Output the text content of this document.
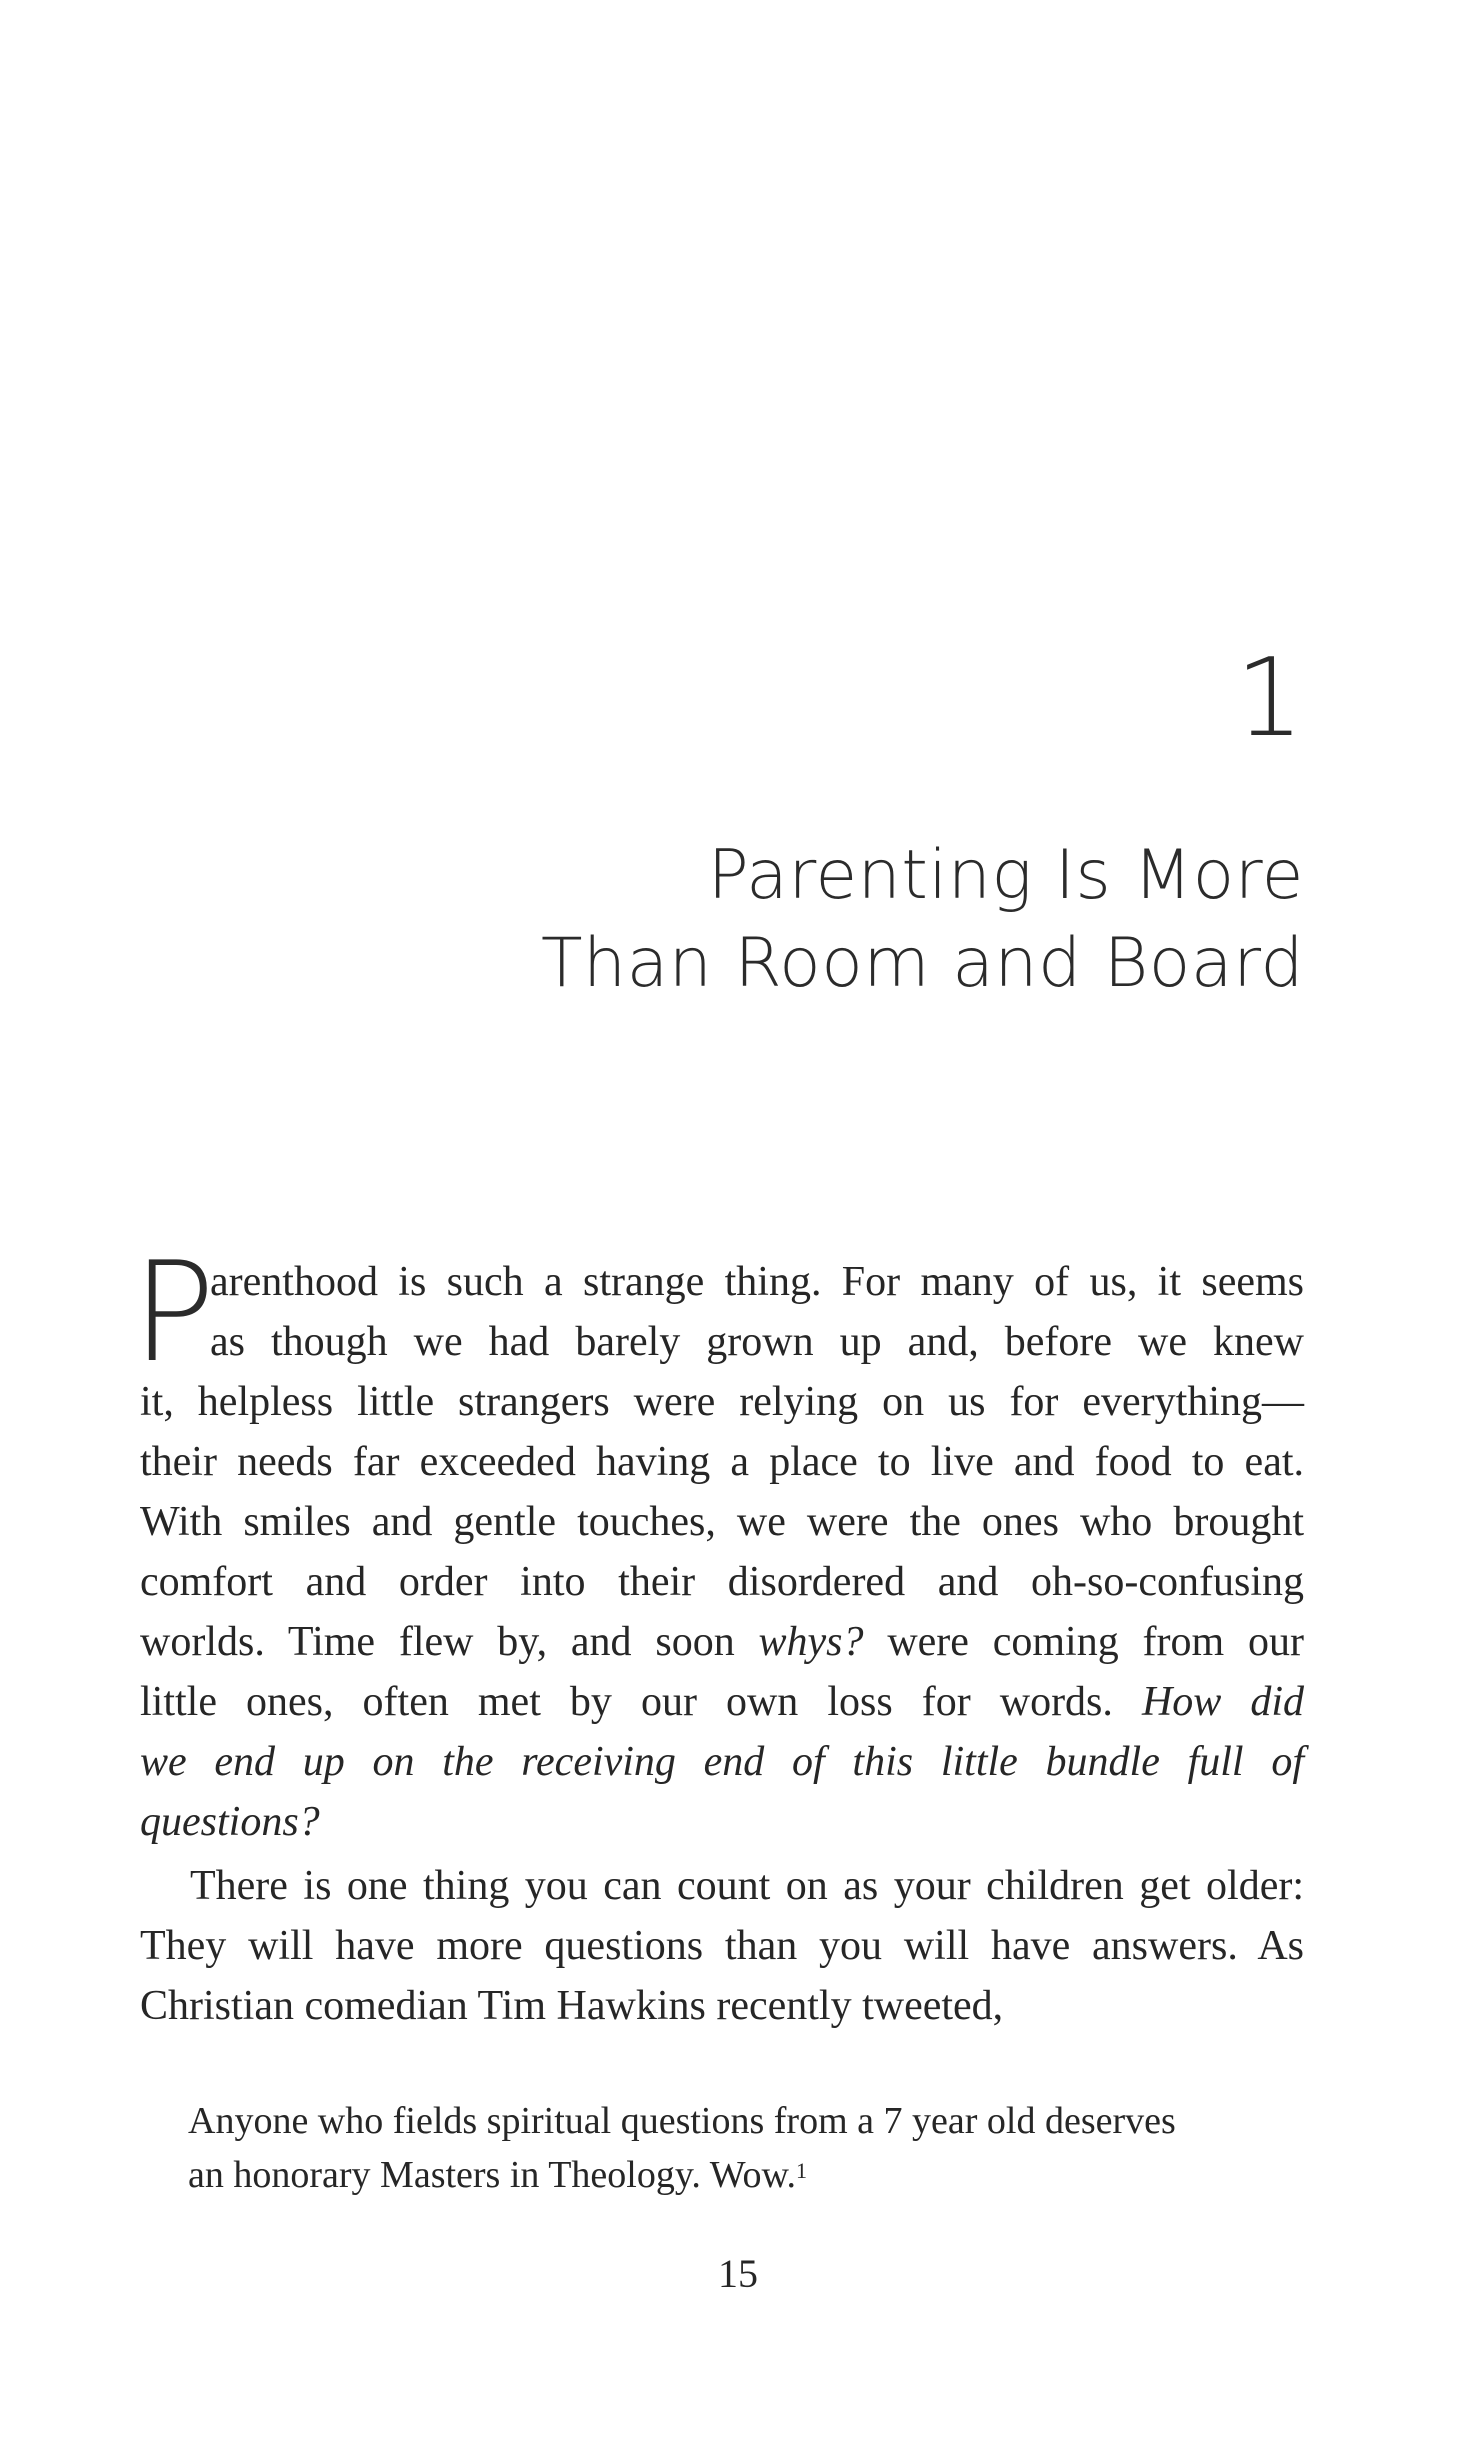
1
Parenting Is More
Than Room and Board
P
arenthood is such a strange thing. For many of us, it seems
as though we had barely grown up and, before we knew
it, helpless little strangers were relying on us for everything—
their needs far exceeded having a place to live and food to eat.
With smiles and gentle touches, we were the ones who brought
comfort and order into their disordered and oh-so-confusing
worlds. Time flew by, and soon whys? were coming from our
little ones, often met by our own loss for words. How did
we end up on the receiving end of this little bundle full of
questions?
There is one thing you can count on as your children get older:
They will have more questions than you will have answers. As
Christian comedian Tim Hawkins recently tweeted,
Anyone who fields spiritual questions from a 7 year old deserves
an honorary Masters in Theology. Wow.$^1$
15
